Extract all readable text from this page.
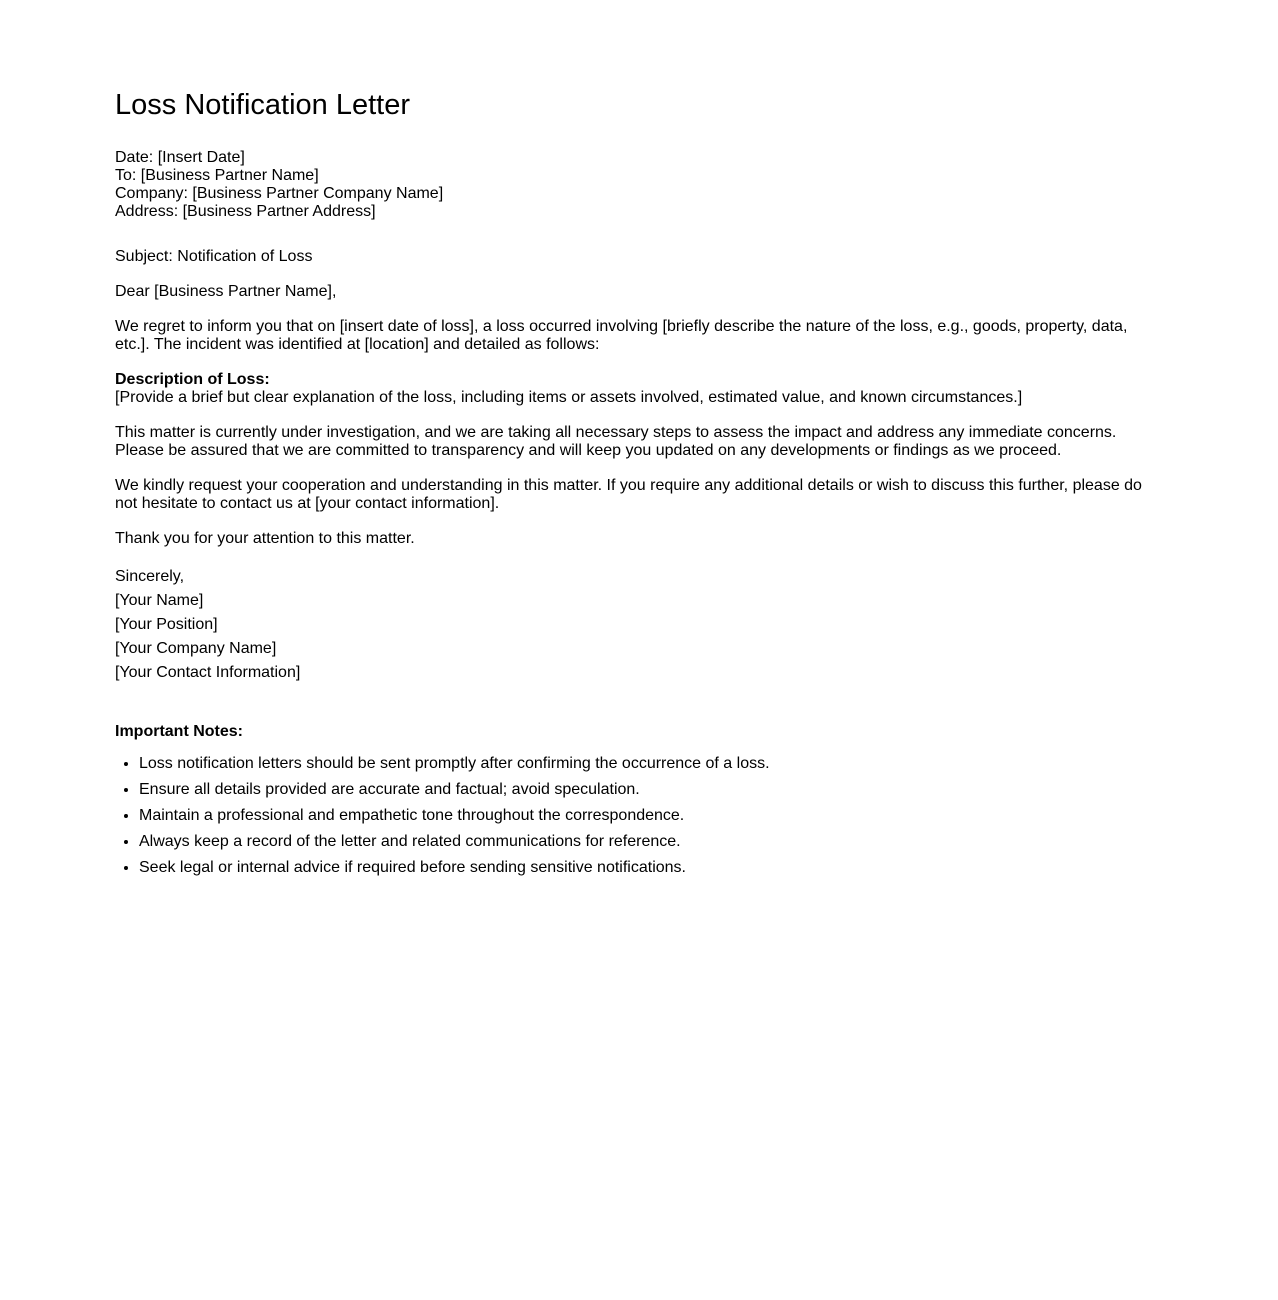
Loss Notification Letter
Date: [Insert Date]
To: [Business Partner Name]
Company: [Business Partner Company Name]
Address: [Business Partner Address]

Subject: Notification of Loss

Dear [Business Partner Name],

We regret to inform you that on [insert date of loss], a loss occurred involving [briefly describe the nature of the loss, e.g., goods, property, data, etc.]. The incident was identified at [location] and detailed as follows:

Description of Loss:
[Provide a brief but clear explanation of the loss, including items or assets involved, estimated value, and known circumstances.]

This matter is currently under investigation, and we are taking all necessary steps to assess the impact and address any immediate concerns. Please be assured that we are committed to transparency and will keep you updated on any developments or findings as we proceed.

We kindly request your cooperation and understanding in this matter. If you require any additional details or wish to discuss this further, please do not hesitate to contact us at [your contact information].

Thank you for your attention to this matter.

Sincerely,

[Your Name]

[Your Position]

[Your Company Name]

[Your Contact Information]

Important Notes:

• Loss notification letters should be sent promptly after confirming the occurrence of a loss.
• Ensure all details provided are accurate and factual; avoid speculation.
• Maintain a professional and empathetic tone throughout the correspondence.
• Always keep a record of the letter and related communications for reference.
• Seek legal or internal advice if required before sending sensitive notifications.
